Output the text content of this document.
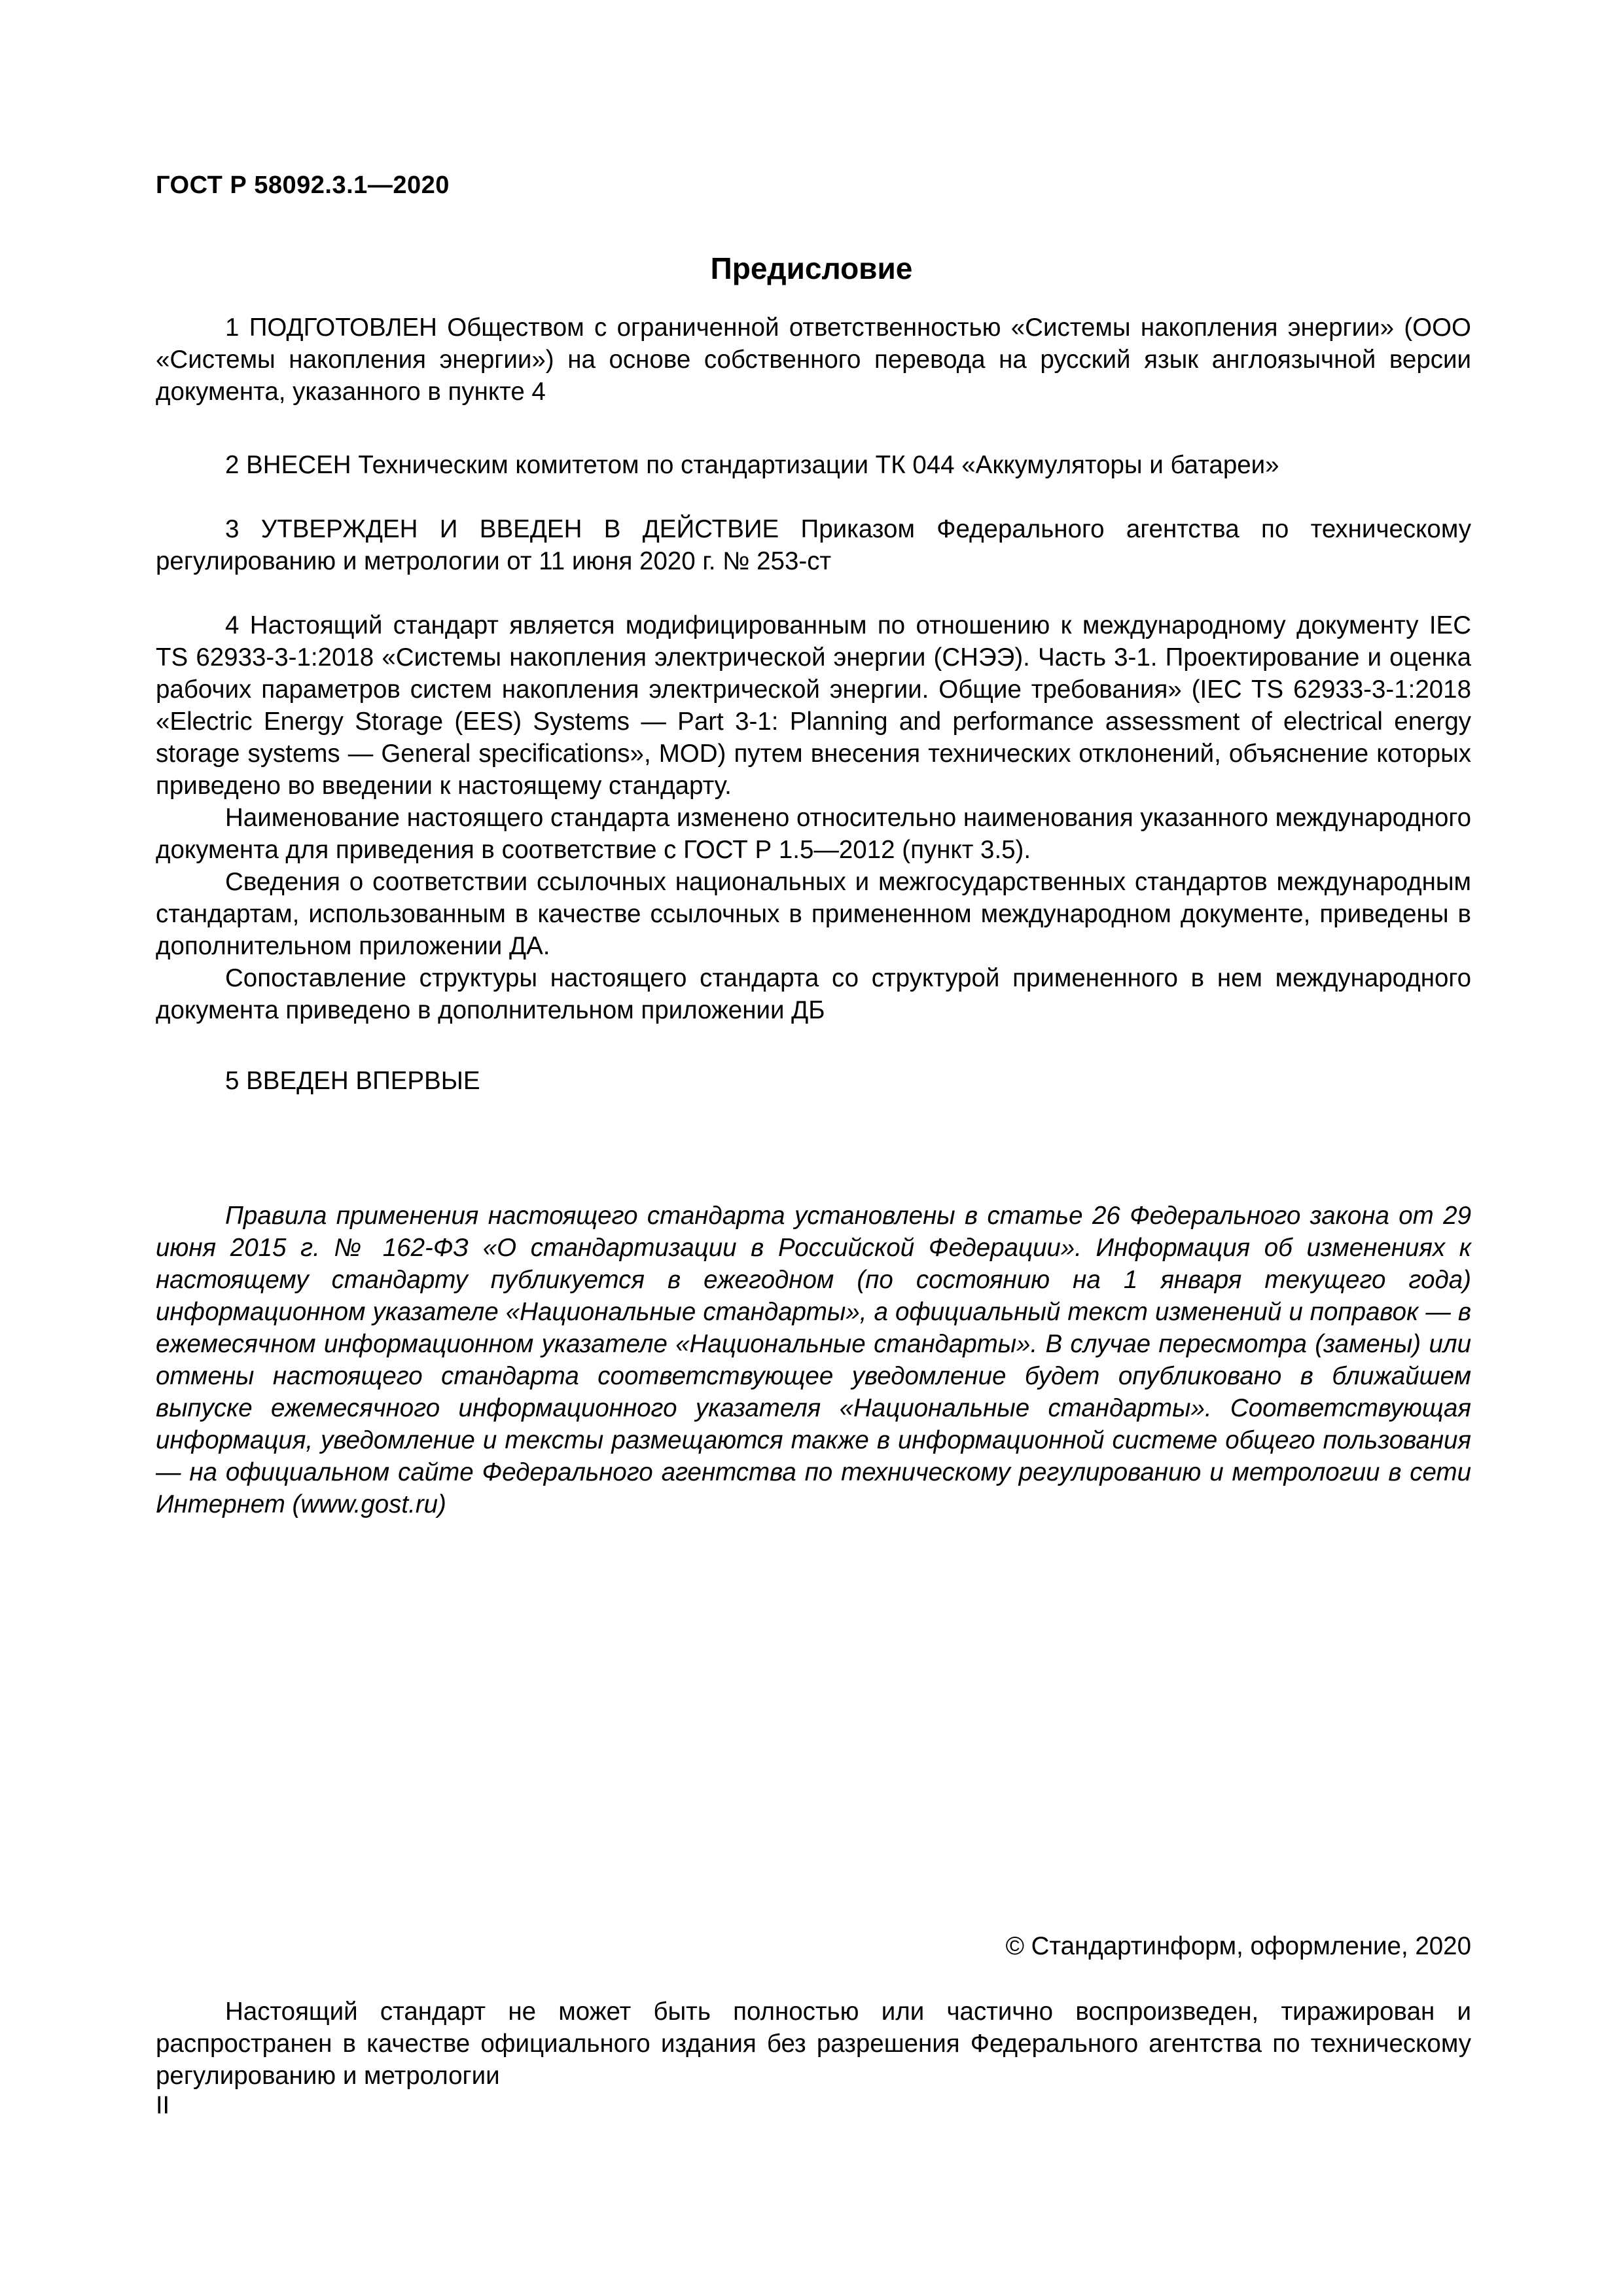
ГОСТ Р 58092.3.1—2020
Предисловие

1 ПОДГОТОВЛЕН Обществом с ограниченной ответственностью «Системы накопления энергии» (ООО «Системы накопления энергии») на основе собственного перевода на русский язык англоязычной версии документа, указанного в пункте 4

2 ВНЕСЕН Техническим комитетом по стандартизации ТК 044 «Аккумуляторы и батареи»

3 УТВЕРЖДЕН И ВВЕДЕН В ДЕЙСТВИЕ Приказом Федерального агентства по техническому регулированию и метрологии от 11 июня 2020 г. № 253-ст

4 Настоящий стандарт является модифицированным по отношению к международному документу IEC TS 62933-3-1:2018 «Системы накопления электрической энергии (СНЭЭ). Часть 3-1. Проектирование и оценка рабочих параметров систем накопления электрической энергии. Общие требования» (IEC TS 62933-3-1:2018 «Electric Energy Storage (EES) Systems — Part 3-1: Planning and performance assessment of electrical energy storage systems — General specifications», MOD) путем внесения технических отклонений, объяснение которых приведено во введении к настоящему стандарту.

Наименование настоящего стандарта изменено относительно наименования указанного международного документа для приведения в соответствие с ГОСТ Р 1.5—2012 (пункт 3.5).

Сведения о соответствии ссылочных национальных и межгосударственных стандартов международным стандартам, использованным в качестве ссылочных в примененном международном документе, приведены в дополнительном приложении ДА.

Сопоставление структуры настоящего стандарта со структурой примененного в нем международного документа приведено в дополнительном приложении ДБ

5 ВВЕДЕН ВПЕРВЫЕ

Правила применения настоящего стандарта установлены в статье 26 Федерального закона от 29 июня 2015 г. № 162-ФЗ «О стандартизации в Российской Федерации». Информация об изменениях к настоящему стандарту публикуется в ежегодном (по состоянию на 1 января текущего года) информационном указателе «Национальные стандарты», а официальный текст изменений и поправок — в ежемесячном информационном указателе «Национальные стандарты». В случае пересмотра (замены) или отмены настоящего стандарта соответствующее уведомление будет опубликовано в ближайшем выпуске ежемесячного информационного указателя «Национальные стандарты». Соответствующая информация, уведомление и тексты размещаются также в информационной системе общего пользования — на официальном сайте Федерального агентства по техническому регулированию и метрологии в сети Интернет (www.gost.ru)

© Стандартинформ, оформление, 2020

Настоящий стандарт не может быть полностью или частично воспроизведен, тиражирован и распространен в качестве официального издания без разрешения Федерального агентства по техническому регулированию и метрологии

II
